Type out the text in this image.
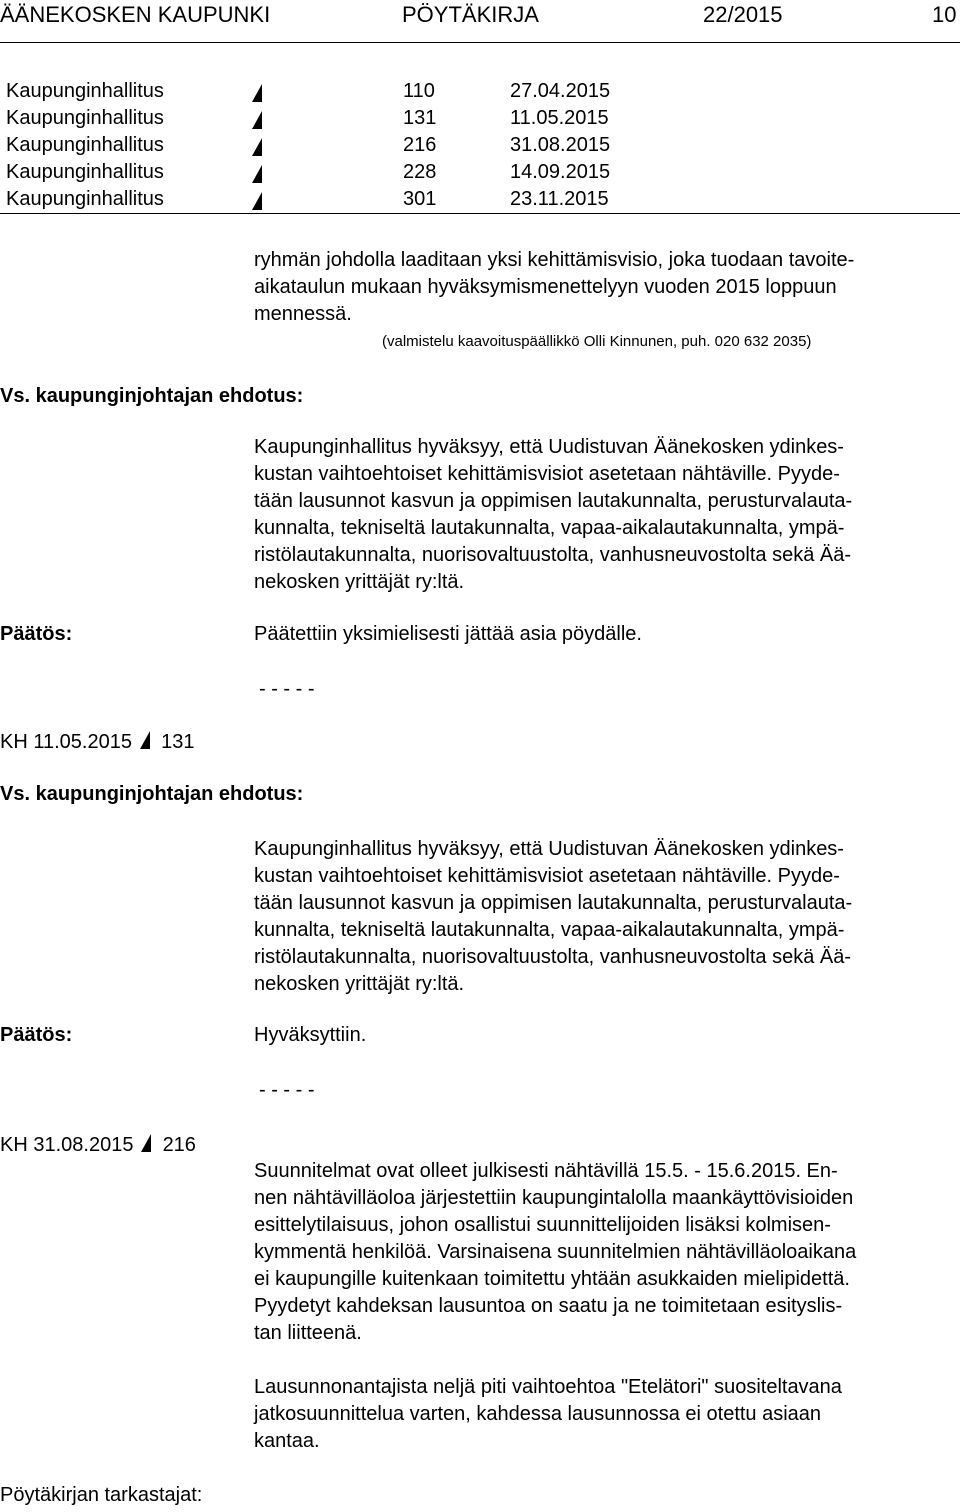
ÄÄNEKOSKEN KAUPUNKI	PÖYTÄKIRJA	22/2015	10
Kaupunginhallitus	110	27.04.2015
Kaupunginhallitus	131	11.05.2015
Kaupunginhallitus	216	31.08.2015
Kaupunginhallitus	228	14.09.2015
Kaupunginhallitus	301	23.11.2015
ryhmän johdolla laaditaan yksi kehittämisvisio, joka tuodaan tavoite-
aikataulun mukaan hyväksymismenettelyyn vuoden 2015 loppuun
mennessä.
(valmistelu kaavoituspäällikkö Olli Kinnunen, puh. 020 632 2035)
Vs. kaupunginjohtajan ehdotus:
Kaupunginhallitus hyväksyy, että Uudistuvan Äänekosken ydinkes-
kustan vaihtoehtoiset kehittämisvisiot asetetaan nähtäville. Pyyde-
tään lausunnot kasvun ja oppimisen lautakunnalta, perusturvalauta-
kunnalta, tekniseltä lautakunnalta, vapaa-aikalautakunnalta, ympä-
ristölautakunnalta, nuorisovaltuustolta, vanhusneuvostolta sekä Ää-
nekosken yrittäjät ry:ltä.
Päätös:	Päätettiin yksimielisesti jättää asia pöydälle.
- - - - -
KH 11.05.2015 131
Vs. kaupunginjohtajan ehdotus:
Kaupunginhallitus hyväksyy, että Uudistuvan Äänekosken ydinkes-
kustan vaihtoehtoiset kehittämisvisiot asetetaan nähtäville. Pyyde-
tään lausunnot kasvun ja oppimisen lautakunnalta, perusturvalauta-
kunnalta, tekniseltä lautakunnalta, vapaa-aikalautakunnalta, ympä-
ristölautakunnalta, nuorisovaltuustolta, vanhusneuvostolta sekä Ää-
nekosken yrittäjät ry:ltä.
Päätös:	Hyväksyttiin.
- - - - -
KH 31.08.2015 216
Suunnitelmat ovat olleet julkisesti nähtävillä 15.5. - 15.6.2015. En-
nen nähtävilläoloa järjestettiin kaupungintalolla maankäyttövisioiden
esittelytilaisuus, johon osallistui suunnittelijoiden lisäksi kolmisen-
kymmentä henkilöä. Varsinaisena suunnitelmien nähtävilläoloaikana
ei kaupungille kuitenkaan toimitettu yhtään asukkaiden mielipidettä.
Pyydetyt kahdeksan lausuntoa on saatu ja ne toimitetaan esityslis-
tan liitteenä.
Lausunnonantajista neljä piti vaihtoehtoa "Etelätori" suositeltavana
jatkosuunnittelua varten, kahdessa lausunnossa ei otettu asiaan
kantaa.
Pöytäkirjan tarkastajat:
